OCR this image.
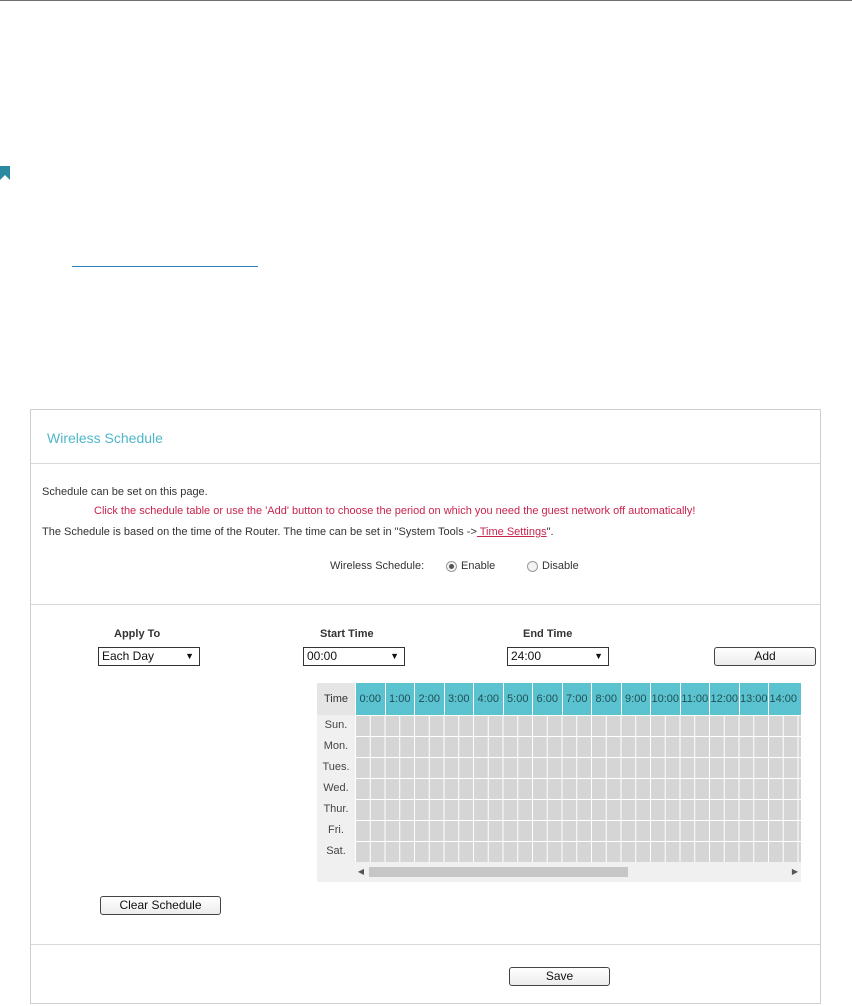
Wireless Schedule
Schedule can be set on this page.
Click the schedule table or use the 'Add' button to choose the period on which you need the guest network off automatically!
The Schedule is based on the time of the Router. The time can be set in "System Tools -> Time Settings".
Wireless Schedule:	Enable	Disable
Apply To
Each Day	▼
Start Time
00:00	▼
End Time
24:00	▼	Add
Time	0:00 1:00 2:00 3:00 4:00 5:00 6:00 7:00 8:00 9:00 10:00 11:00 12:00 13:00 14:00
Sun.
Mon.
Tues.
Wed.
Thur.
Fri.
Sat.
◀	▶
Clear Schedule
Save
